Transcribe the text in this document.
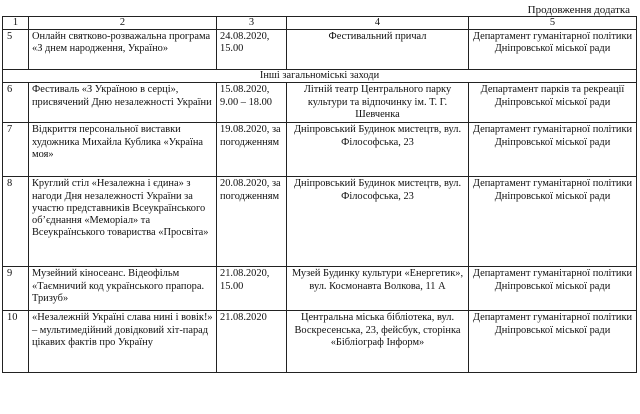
Продовження додатка
1	2	3	4	5
5	Онлайн святково-розважальна програма «З днем народження, Україно»	24.08.2020, 15.00	Фестивальний причал	Департамент гуманітарної політики Дніпровської міської ради
Інші загальноміські заходи				
6	Фестиваль «З Україною в серці», присвячений Дню незалежності України	15.08.2020, 9.00 – 18.00	Літній театр Центрального парку культури та відпочинку ім. Т. Г. Шевченка	Департамент парків та рекреації Дніпровської міської ради
7	Відкриття персональної виставки художника Михайла Кублика «Україна моя»	19.08.2020, за погодженням	Дніпровський Будинок мистецтв, вул. Філософська, 23	Департамент гуманітарної політики Дніпровської міської ради
8	Круглий стіл «Незалежна і єдина» з нагоди Дня незалежності України за участю представників Всеукраїнського об’єднання «Меморіал» та Всеукраїнського товариства «Просвіта»	20.08.2020, за погодженням	Дніпровський Будинок мистецтв, вул. Філософська, 23	Департамент гуманітарної політики Дніпровської міської ради
9	Музейний кіносеанс. Відеофільм «Таємничий код українського прапора. Тризуб»	21.08.2020, 15.00	Музей Будинку культури «Енергетик», вул. Космонавта Волкова, 11 А	Департамент гуманітарної політики Дніпровської міської ради
10	«Незалежній Україні слава нині і вовік!» – мультимедійний довідковий хіт-парад цікавих фактів про Україну	21.08.2020	Центральна міська бібліотека, вул. Воскресенська, 23, фейсбук, сторінка «Бібліограф Інформ»	Департамент гуманітарної політики Дніпровської міської ради
